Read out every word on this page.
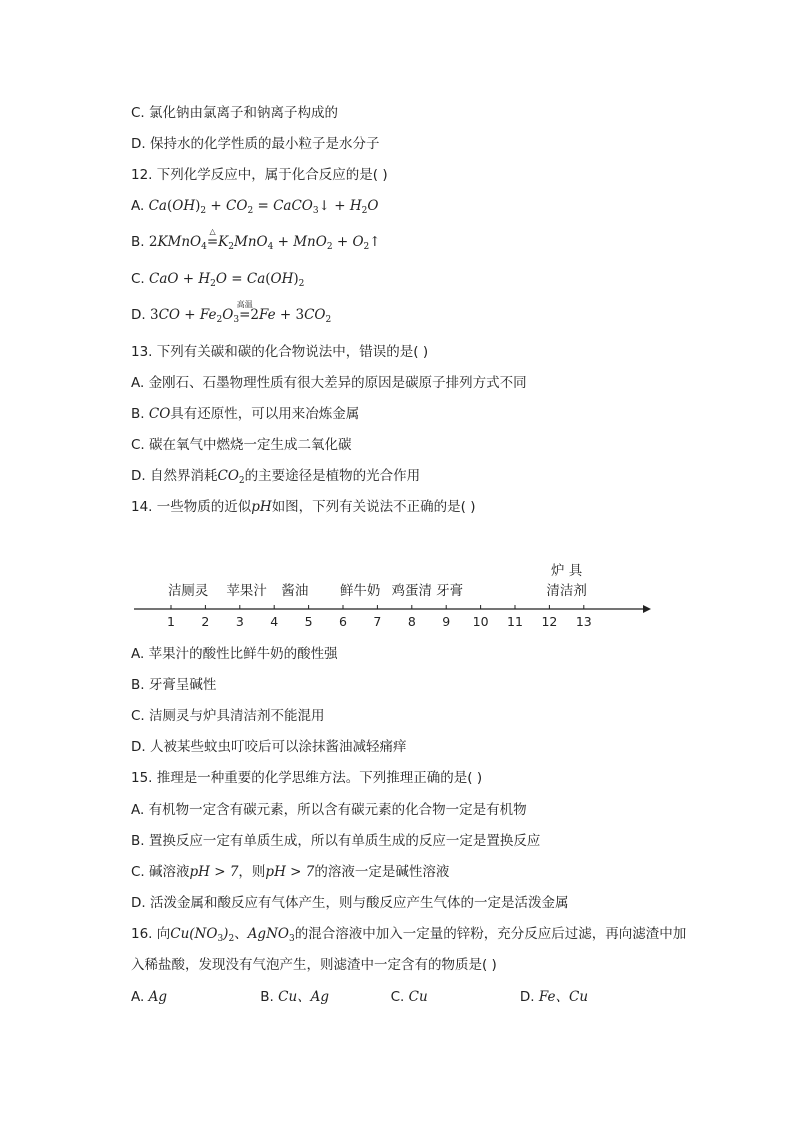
C. 氯化钠由氯离子和钠离子构成的
D. 保持水的化学性质的最小粒子是水分子
12. 下列化学反应中，属于化合反应的是( )
A. $Ca(OH)_2 + CO_2$ = CaCO$_3$↓ + $H_2O$
B. 2KMnO$_4$
△
$=K_2MnO_4 + MnO_2$ + $O_2↑$
C. CaO + $H_2O = Ca(OH)_2$
D. $3CO + Fe_2O_3$
高温
$=2Fe + 3CO_2$
13. 下列有关碳和碳的化合物说法中，错误的是( )
A. 金刚石、石墨物理性质有很大差异的原因是碳原子排列方式不同
B. CO具有还原性，可以用来冶炼金属
C. 碳在氧气中燃烧一定生成二氧化碳
D. 自然界消耗$CO_2$的主要途径是植物的光合作用
14. 一些物质的近似pH如图，下列有关说法不正确的是( )
1 2 3 4 5 6 7 8 9 10 11 12 13
洁厕灵 苹果汁 酱油 鲜牛奶 鸡蛋清 牙膏
炉 具
清洁剂
A. 苹果汁的酸性比鲜牛奶的酸性强
B. 牙膏呈碱性
C. 洁厕灵与炉具清洁剂不能混用
D. 人被某些蚊虫叮咬后可以涂抹酱油减轻痛痒
15. 推理是一种重要的化学思维方法。下列推理正确的是( )
A. 有机物一定含有碳元素，所以含有碳元素的化合物一定是有机物
B. 置换反应一定有单质生成，所以有单质生成的反应一定是置换反应
C. 碱溶液pH > 7，则pH > 7的溶液一定是碱性溶液
D. 活泼金属和酸反应有气体产生，则与酸反应产生气体的一定是活泼金属
16. 向$Cu(NO_3)_2$、AgNO$_3$的混合溶液中加入一定量的锌粉，充分反应后过滤，再向滤渣中加
入稀盐酸，发现没有气泡产生，则滤渣中一定含有的物质是( )
A. Ag	B. Cu、Ag	C. Cu	D. Fe、Cu
